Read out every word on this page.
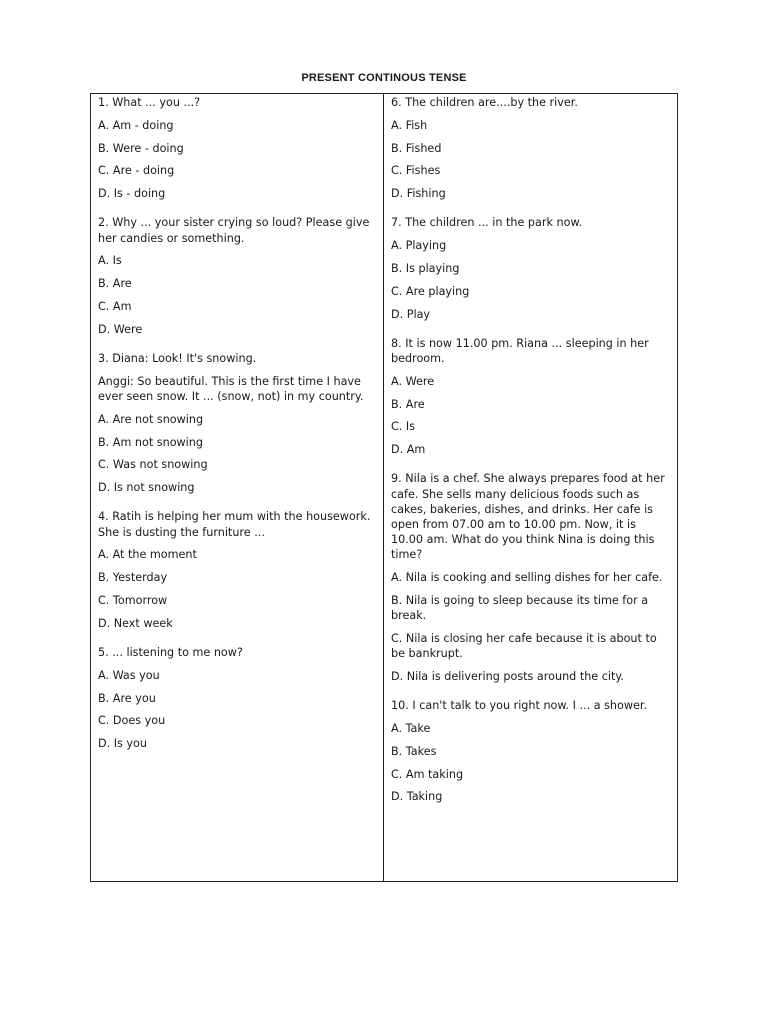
PRESENT CONTINOUS TENSE
1. What ... you ...?
A. Am - doing
B. Were - doing
C. Are - doing
D. Is - doing
2. Why ... your sister crying so loud? Please give her candies or something.
A. Is
B. Are
C. Am
D. Were
3. Diana: Look! It's snowing.
Anggi: So beautiful. This is the first time I have ever seen snow. It ... (snow, not) in my country.
A. Are not snowing
B. Am not snowing
C. Was not snowing
D. Is not snowing
4. Ratih is helping her mum with the housework. She is dusting the furniture ...
A. At the moment
B. Yesterday
C. Tomorrow
D. Next week
5. ... listening to me now?
A. Was you
B. Are you
C. Does you
D. Is you
6. The children are....by the river.
A. Fish
B. Fished
C. Fishes
D. Fishing
7. The children ... in the park now.
A. Playing
B. Is playing
C. Are playing
D. Play
8. It is now 11.00 pm. Riana ... sleeping in her bedroom.
A. Were
B. Are
C. Is
D. Am
9. Nila is a chef. She always prepares food at her cafe. She sells many delicious foods such as cakes, bakeries, dishes, and drinks. Her cafe is open from 07.00 am to 10.00 pm. Now, it is 10.00 am. What do you think Nina is doing this time?
A. Nila is cooking and selling dishes for her cafe.
B. Nila is going to sleep because its time for a break.
C. Nila is closing her cafe because it is about to be bankrupt.
D. Nila is delivering posts around the city.
10. I can't talk to you right now. I ... a shower.
A. Take
B. Takes
C. Am taking
D. Taking
